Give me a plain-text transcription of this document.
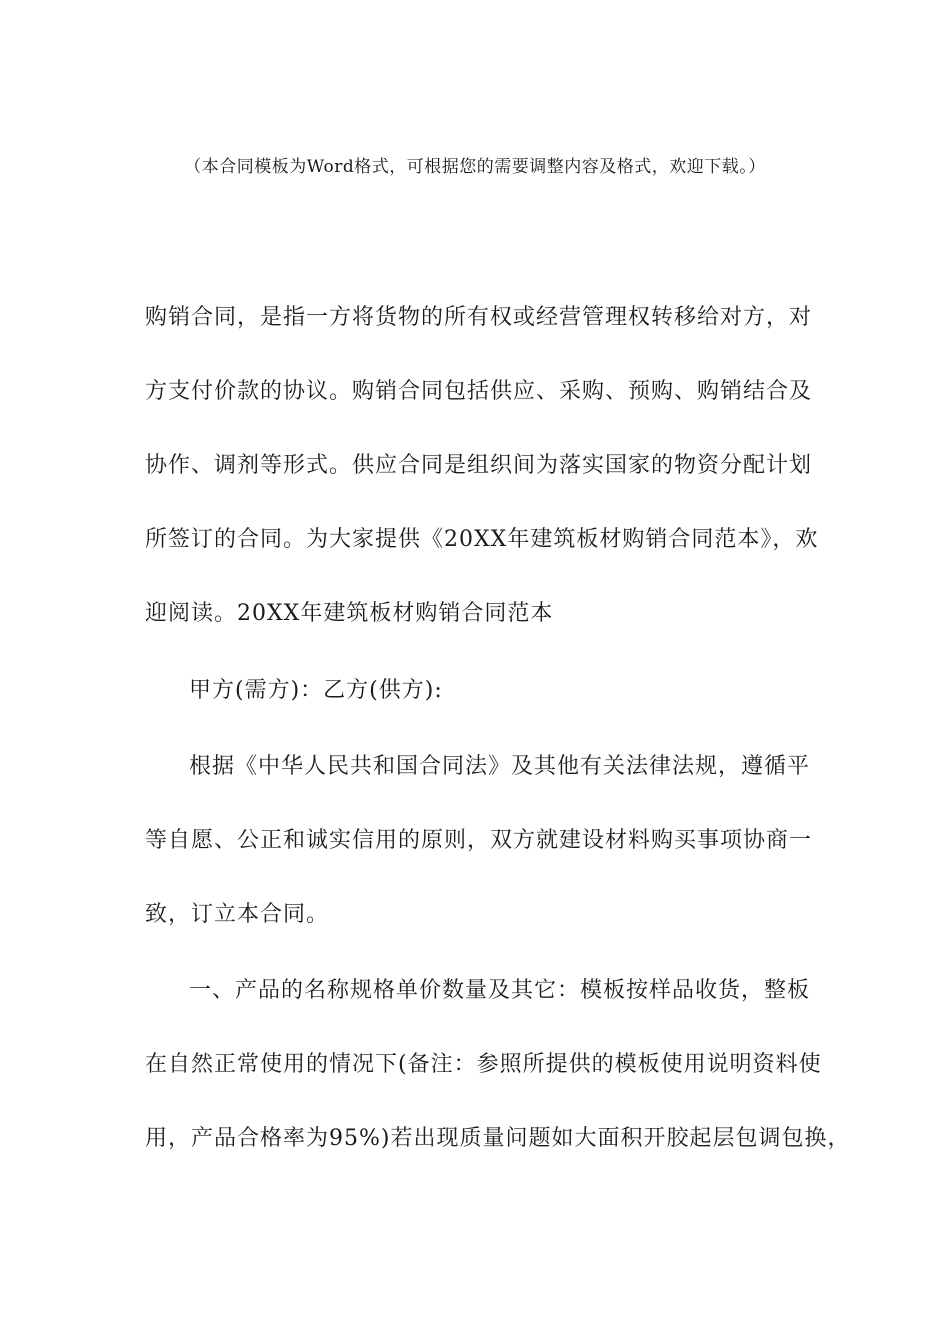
（本合同模板为Word格式，可根据您的需要调整内容及格式，欢迎下载。）
购销合同，是指一方将货物的所有权或经营管理权转移给对方，对
方支付价款的协议。购销合同包括供应、采购、预购、购销结合及
协作、调剂等形式。供应合同是组织间为落实国家的物资分配计划
所签订的合同。为大家提供《20XX年建筑板材购销合同范本》，欢
迎阅读。20XX年建筑板材购销合同范本
甲方(需方)：乙方(供方):
根据《中华人民共和国合同法》及其他有关法律法规，遵循平
等自愿、公正和诚实信用的原则，双方就建设材料购买事项协商一
致，订立本合同。
一、产品的名称规格单价数量及其它：模板按样品收货，整板
在自然正常使用的情况下(备注：参照所提供的模板使用说明资料使
用，产品合格率为95%)若出现质量问题如大面积开胶起层包调包换，
